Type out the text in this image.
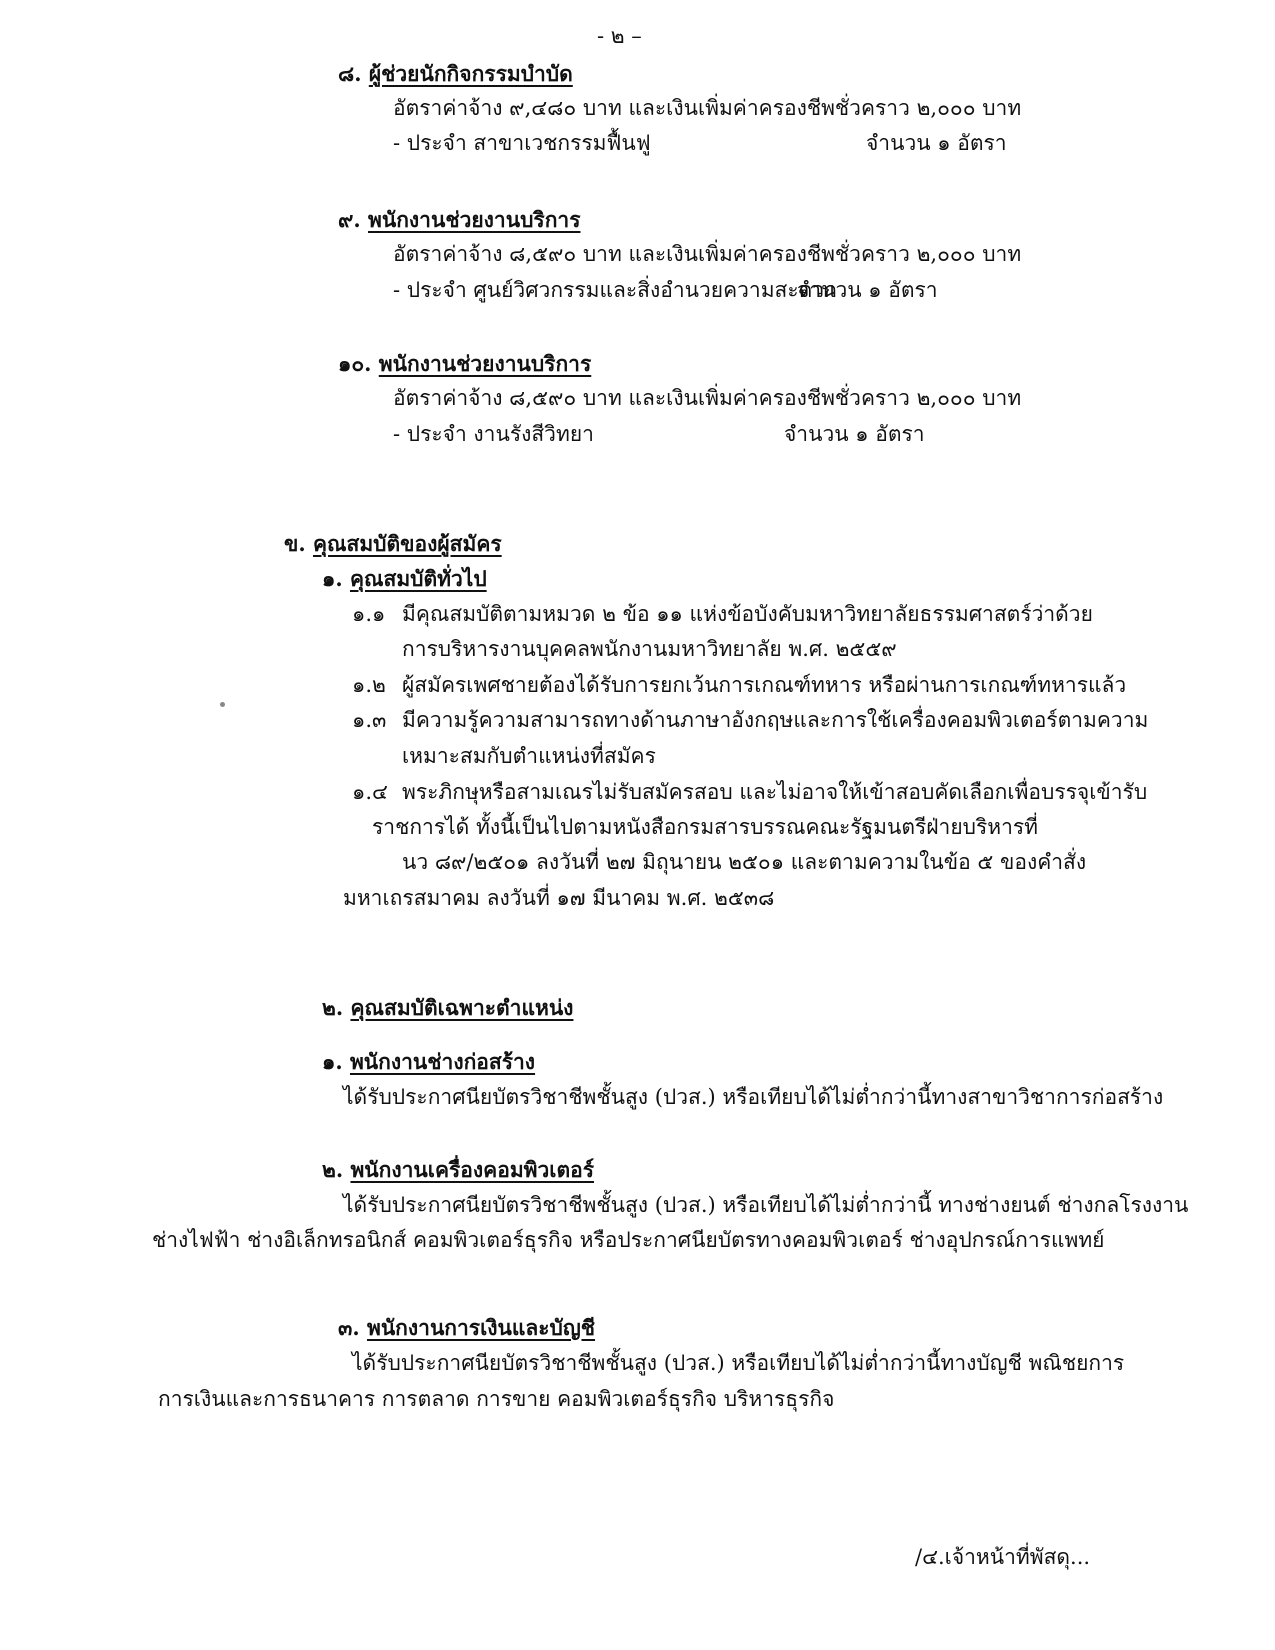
- ๒ –
๘. ผู้ช่วยนักกิจกรรมบำบัด
อัตราค่าจ้าง ๙,๔๘๐ บาท และเงินเพิ่มค่าครองชีพชั่วคราว ๒,๐๐๐ บาท
- ประจำ สาขาเวชกรรมฟื้นฟู	จำนวน ๑ อัตรา
๙. พนักงานช่วยงานบริการ
อัตราค่าจ้าง ๘,๕๙๐ บาท และเงินเพิ่มค่าครองชีพชั่วคราว ๒,๐๐๐ บาท
- ประจำ ศูนย์วิศวกรรมและสิ่งอำนวยความสะดวก
จำนวน ๑ อัตรา
๑๐. พนักงานช่วยงานบริการ
อัตราค่าจ้าง ๘,๕๙๐ บาท และเงินเพิ่มค่าครองชีพชั่วคราว ๒,๐๐๐ บาท
- ประจำ งานรังสีวิทยา	จำนวน ๑ อัตรา
ข. คุณสมบัติของผู้สมัคร
๑. คุณสมบัติทั่วไป
๑.๑ มีคุณสมบัติตามหมวด ๒ ข้อ ๑๑ แห่งข้อบังคับมหาวิทยาลัยธรรมศาสตร์ว่าด้วย
การบริหารงานบุคคลพนักงานมหาวิทยาลัย พ.ศ. ๒๕๕๙
๑.๒ ผู้สมัครเพศชายต้องได้รับการยกเว้นการเกณฑ์ทหาร หรือผ่านการเกณฑ์ทหารแล้ว
๑.๓ มีความรู้ความสามารถทางด้านภาษาอังกฤษและการใช้เครื่องคอมพิวเตอร์ตามความ
เหมาะสมกับตำแหน่งที่สมัคร
๑.๔ พระภิกษุหรือสามเณรไม่รับสมัครสอบ และไม่อาจให้เข้าสอบคัดเลือกเพื่อบรรจุเข้ารับ
ราชการได้ ทั้งนี้เป็นไปตามหนังสือกรมสารบรรณคณะรัฐมนตรีฝ่ายบริหารที่
นว ๘๙/๒๕๐๑ ลงวันที่ ๒๗ มิถุนายน ๒๕๐๑ และตามความในข้อ ๕ ของคำสั่ง
มหาเถรสมาคม ลงวันที่ ๑๗ มีนาคม พ.ศ. ๒๕๓๘
๒. คุณสมบัติเฉพาะตำแหน่ง
๑. พนักงานช่างก่อสร้าง
ได้รับประกาศนียบัตรวิชาชีพชั้นสูง (ปวส.) หรือเทียบได้ไม่ต่ำกว่านี้ทางสาขาวิชาการก่อสร้าง
๒. พนักงานเครื่องคอมพิวเตอร์
ได้รับประกาศนียบัตรวิชาชีพชั้นสูง (ปวส.) หรือเทียบได้ไม่ต่ำกว่านี้ ทางช่างยนต์ ช่างกลโรงงาน
ช่างไฟฟ้า ช่างอิเล็กทรอนิกส์ คอมพิวเตอร์ธุรกิจ หรือประกาศนียบัตรทางคอมพิวเตอร์ ช่างอุปกรณ์การแพทย์
๓. พนักงานการเงินและบัญชี
ได้รับประกาศนียบัตรวิชาชีพชั้นสูง (ปวส.) หรือเทียบได้ไม่ต่ำกว่านี้ทางบัญชี พณิชยการ
การเงินและการธนาคาร การตลาด การขาย คอมพิวเตอร์ธุรกิจ บริหารธุรกิจ
/๔.เจ้าหน้าที่พัสดุ...
